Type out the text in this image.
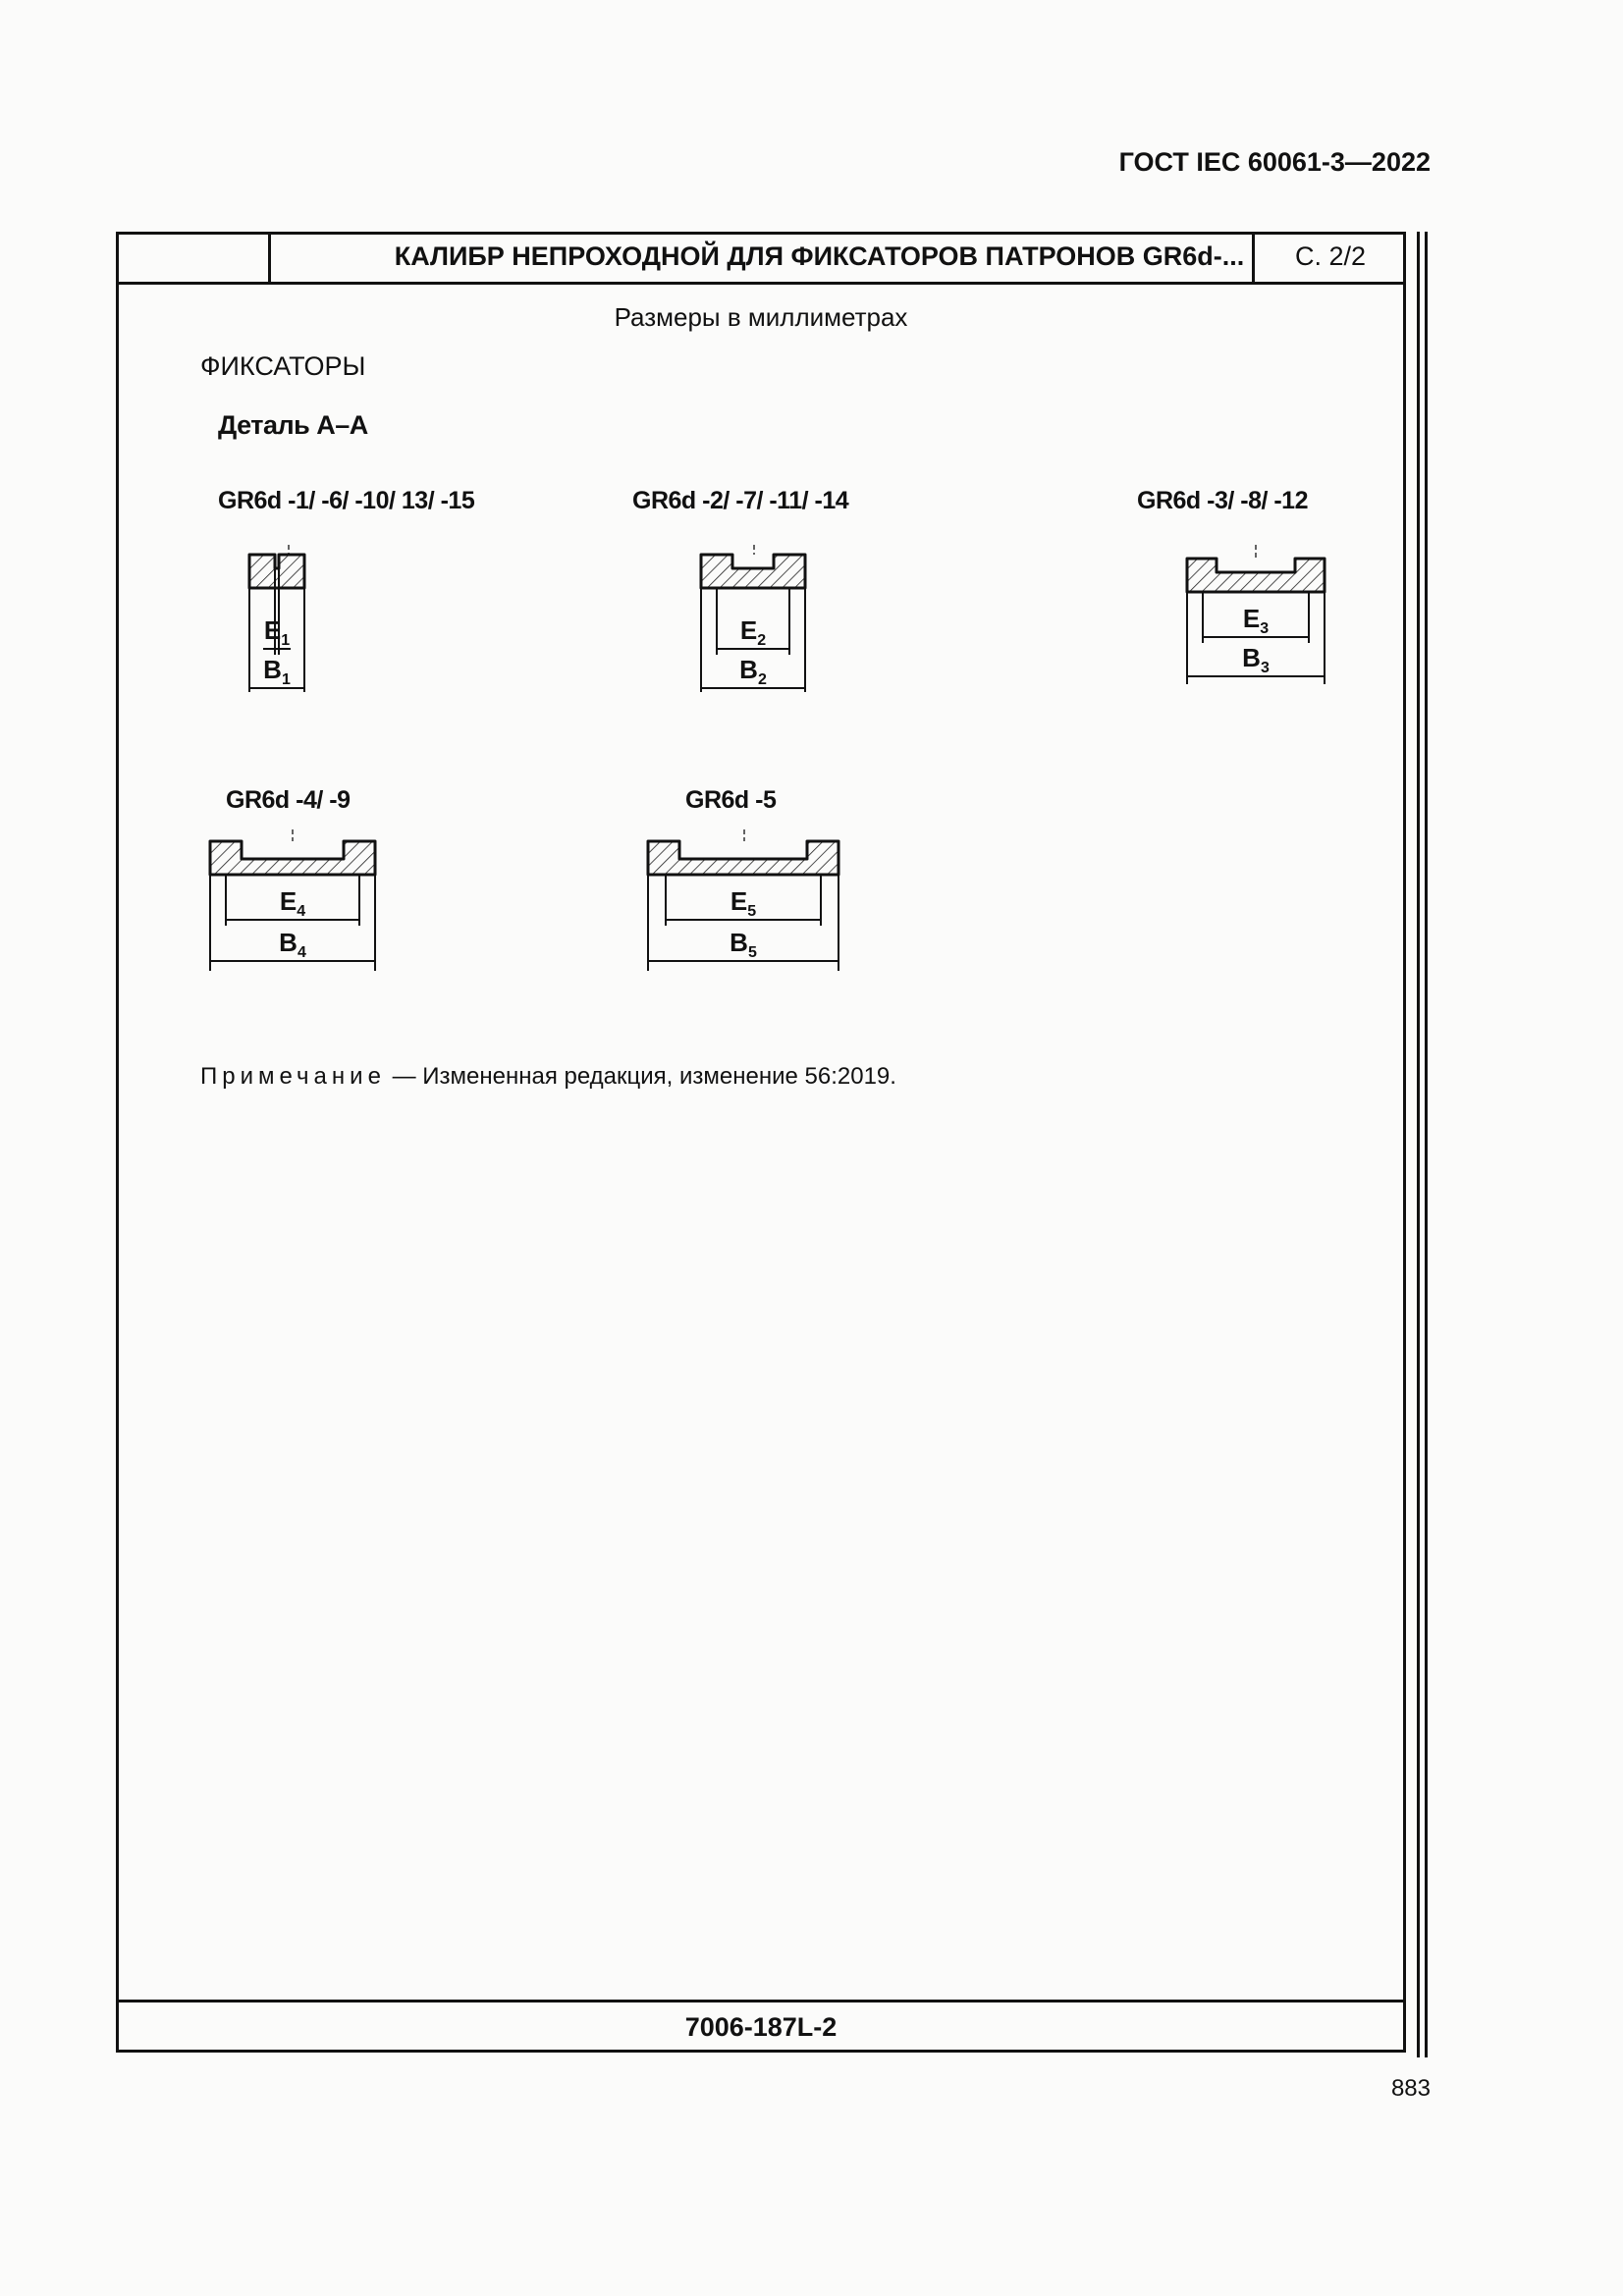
ГОСТ IEC 60061-3—2022
КАЛИБР НЕПРОХОДНОЙ ДЛЯ ФИКСАТОРОВ ПАТРОНОВ GR6d-...	С. 2/2
Размеры в миллиметрах
ФИКСАТОРЫ
Деталь А–А
GR6d -1/ -6/ -10/ 13/ -15	GR6d -2/ -7/ -11/ -14	GR6d -3/ -8/ -12
GR6d -4/ -9	GR6d -5
$E_1$
$B_1$
$E_2$
$B_2$
$E_3$
$B_3$
$E_4$
$B_4$
$E_5$
$B_5$
Примечание — Измененная редакция, изменение 56:2019.
7006-187L-2
883
